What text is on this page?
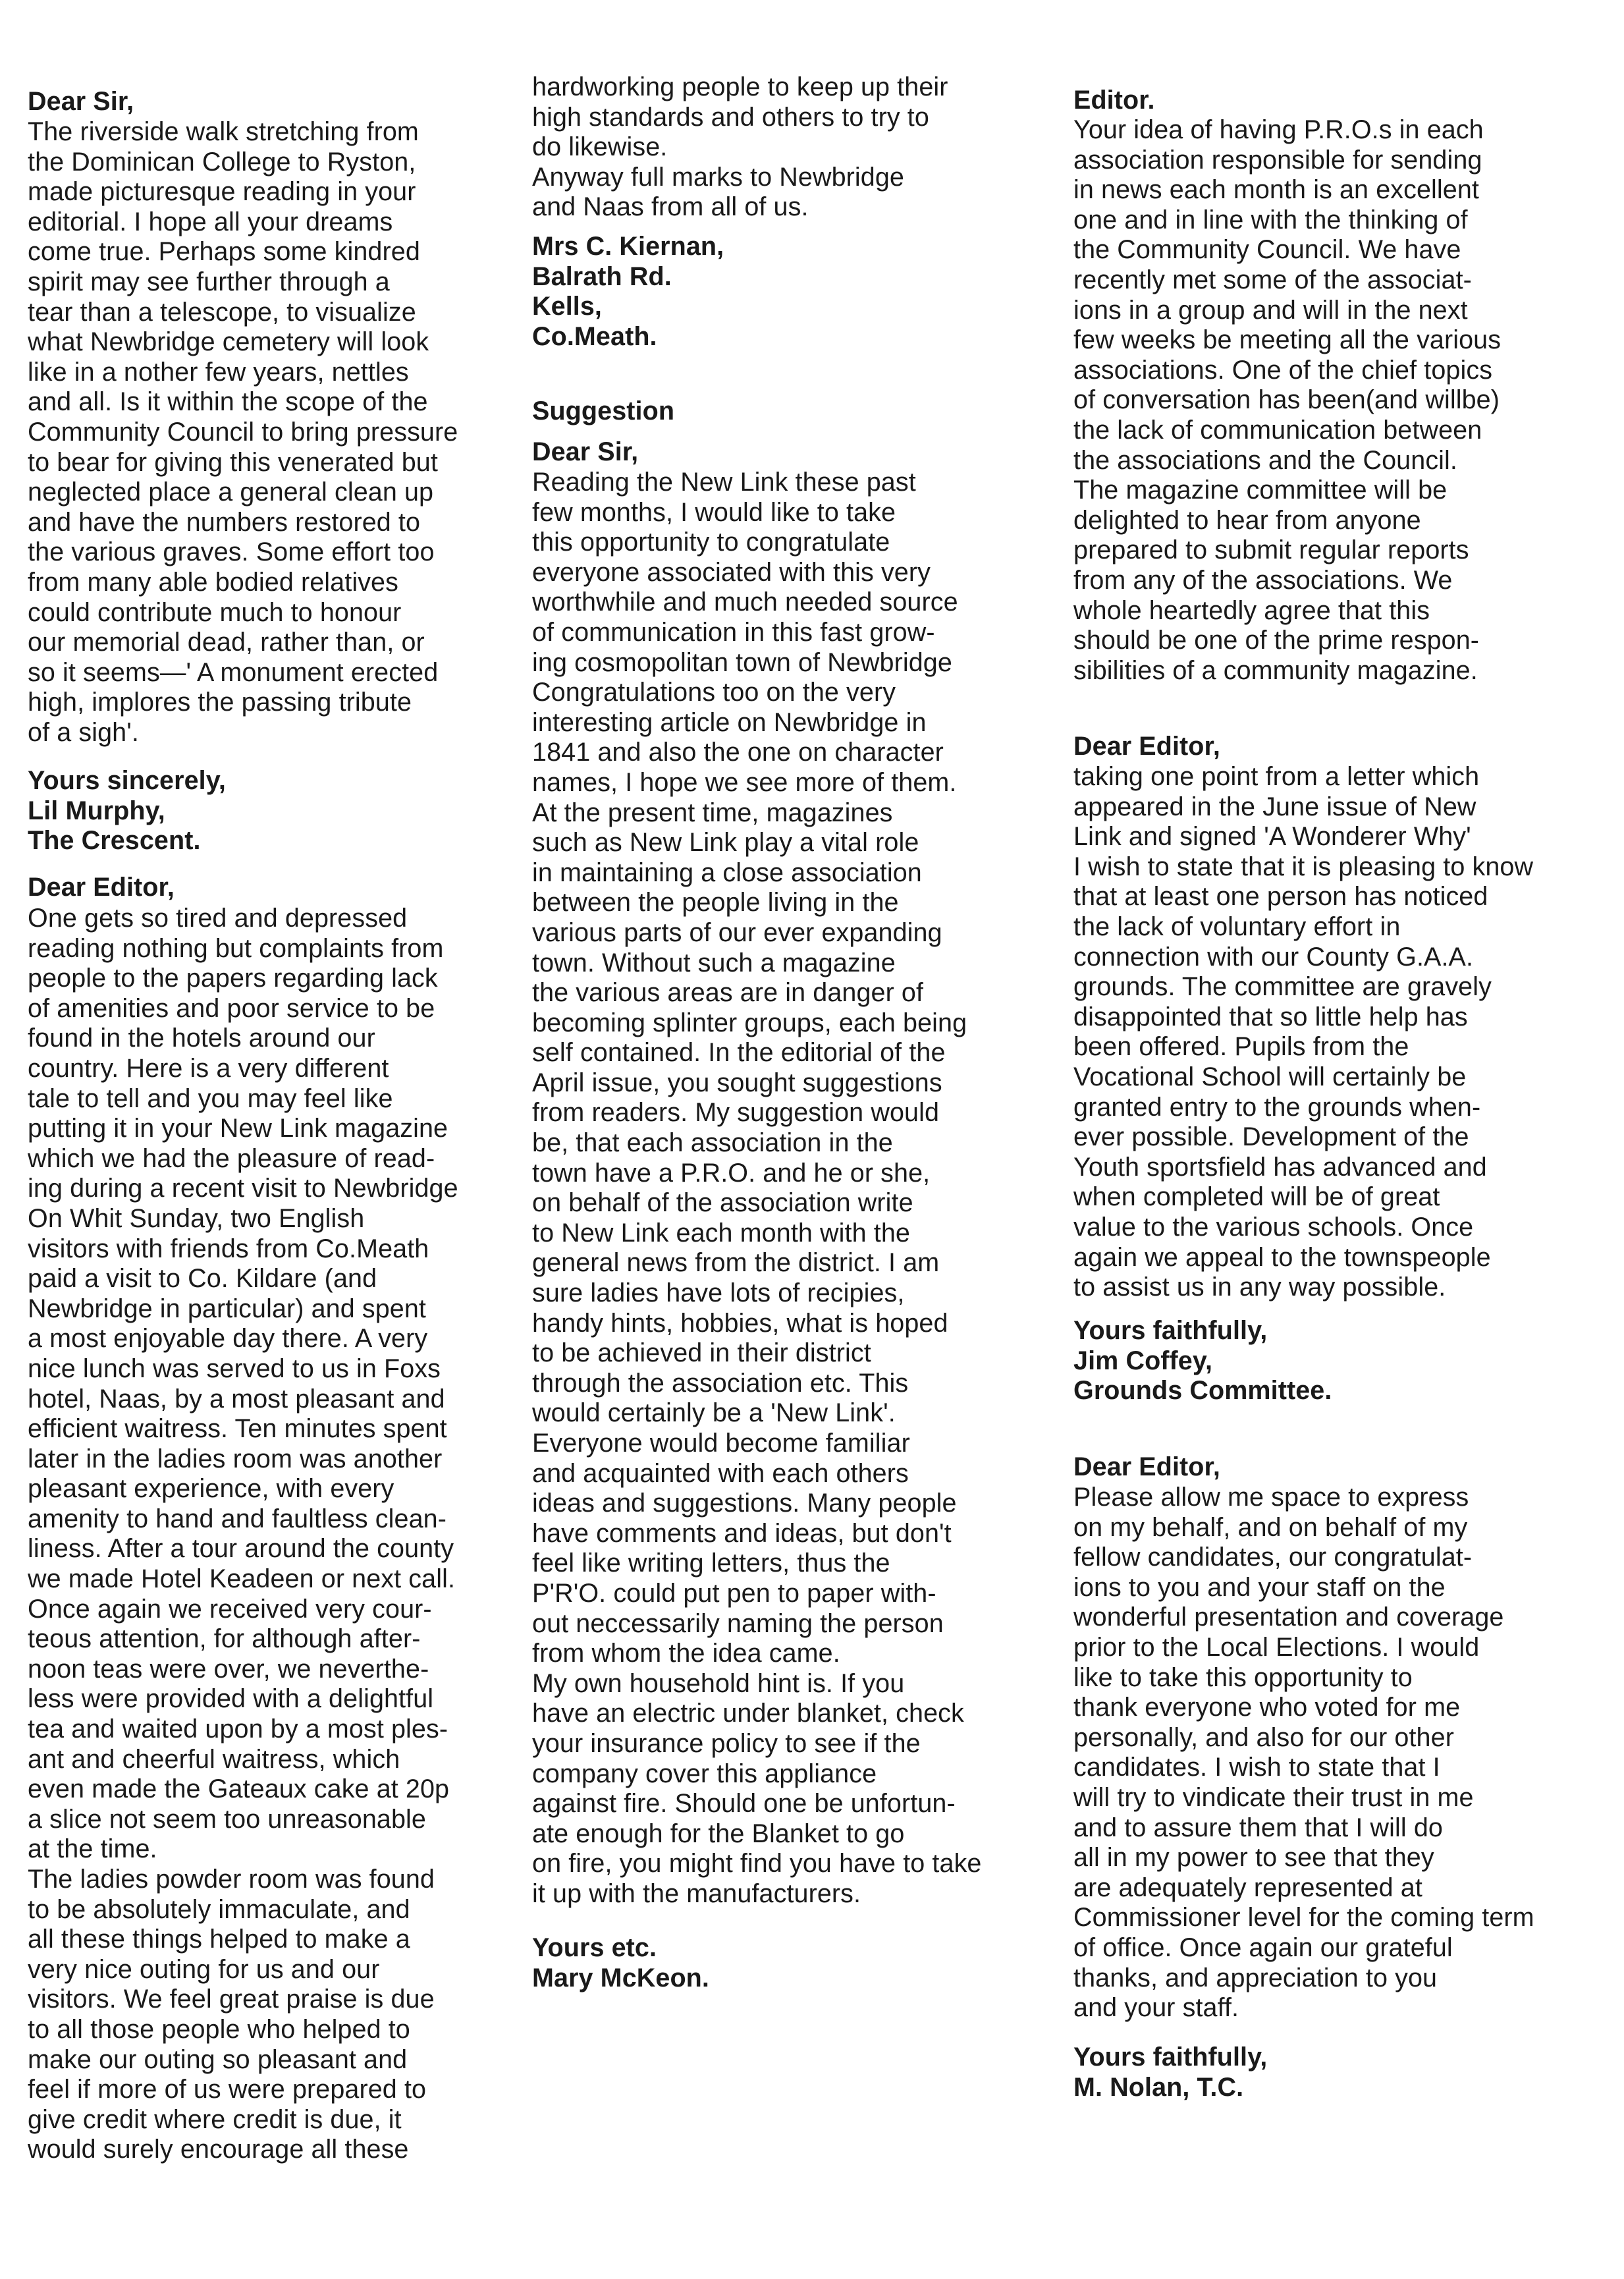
Dear Sir,
The riverside walk stretching from
the Dominican College to Ryston,
made picturesque reading in your
editorial. I hope all your dreams
come true. Perhaps some kindred
spirit may see further through a
tear than a telescope, to visualize
what Newbridge cemetery will look
like in a nother few years, nettles
and all. Is it within the scope of the
Community Council to bring pressure
to bear for giving this venerated but
neglected place a general clean up
and have the numbers restored to
the various graves. Some effort too
from many able bodied relatives
could contribute much to honour
our memorial dead, rather than, or
so it seems—' A monument erected
high, implores the passing tribute
of a sigh'.
Yours sincerely,
Lil Murphy,
The Crescent.
Dear Editor,
One gets so tired and depressed
reading nothing but complaints from
people to the papers regarding lack
of amenities and poor service to be
found in the hotels around our
country. Here is a very different
tale to tell and you may feel like
putting it in your New Link magazine
which we had the pleasure of read-
ing during a recent visit to Newbridge
On Whit Sunday, two English
visitors with friends from Co.Meath
paid a visit to Co. Kildare (and
Newbridge in particular) and spent
a most enjoyable day there. A very
nice lunch was served to us in Foxs
hotel, Naas, by a most pleasant and
efficient waitress. Ten minutes spent
later in the ladies room was another
pleasant experience, with every
amenity to hand and faultless clean-
liness. After a tour around the county
we made Hotel Keadeen or next call.
Once again we received very cour-
teous attention, for although after-
noon teas were over, we neverthe-
less were provided with a delightful
tea and waited upon by a most ples-
ant and cheerful waitress, which
even made the Gateaux cake at 20p
a slice not seem too unreasonable
at the time.
The ladies powder room was found
to be absolutely immaculate, and
all these things helped to make a
very nice outing for us and our
visitors. We feel great praise is due
to all those people who helped to
make our outing so pleasant and
feel if more of us were prepared to
give credit where credit is due, it
would surely encourage all these
hardworking people to keep up their
high standards and others to try to
do likewise.
Anyway full marks to Newbridge
and Naas from all of us.
Mrs C. Kiernan,
Balrath Rd.
Kells,
Co.Meath.
Suggestion
Dear Sir,
Reading the New Link these past
few months, I would like to take
this opportunity to congratulate
everyone associated with this very
worthwhile and much needed source
of communication in this fast grow-
ing cosmopolitan town of Newbridge
Congratulations too on the very
interesting article on Newbridge in
1841 and also the one on character
names, I hope we see more of them.
At the present time, magazines
such as New Link play a vital role
in maintaining a close association
between the people living in the
various parts of our ever expanding
town. Without such a magazine
the various areas are in danger of
becoming splinter groups, each being
self contained. In the editorial of the
April issue, you sought suggestions
from readers. My suggestion would
be, that each association in the
town have a P.R.O. and he or she,
on behalf of the association write
to New Link each month with the
general news from the district. I am
sure ladies have lots of recipies,
handy hints, hobbies, what is hoped
to be achieved in their district
through the association etc. This
would certainly be a 'New Link'.
Everyone would become familiar
and acquainted with each others
ideas and suggestions. Many people
have comments and ideas, but don't
feel like writing letters, thus the
P'R'O. could put pen to paper with-
out neccessarily naming the person
from whom the idea came.
My own household hint is. If you
have an electric under blanket, check
your insurance policy to see if the
company cover this appliance
against fire. Should one be unfortun-
ate enough for the Blanket to go
on fire, you might find you have to take
it up with the manufacturers.
Yours etc.
Mary McKeon.
Editor.
Your idea of having P.R.O.s in each
association responsible for sending
in news each month is an excellent
one and in line with the thinking of
the Community Council. We have
recently met some of the associat-
ions in a group and will in the next
few weeks be meeting all the various
associations. One of the chief topics
of conversation has been(and willbe)
the lack of communication between
the associations and the Council.
The magazine committee will be
delighted to hear from anyone
prepared to submit regular reports
from any of the associations. We
whole heartedly agree that this
should be one of the prime respon-
sibilities of a community magazine.
Dear Editor,
taking one point from a letter which
appeared in the June issue of New
Link and signed 'A Wonderer Why'
I wish to state that it is pleasing to know
that at least one person has noticed
the lack of voluntary effort in
connection with our County G.A.A.
grounds. The committee are gravely
disappointed that so little help has
been offered. Pupils from the
Vocational School will certainly be
granted entry to the grounds when-
ever possible. Development of the
Youth sportsfield has advanced and
when completed will be of great
value to the various schools. Once
again we appeal to the townspeople
to assist us in any way possible.
Yours faithfully,
Jim Coffey,
Grounds Committee.
Dear Editor,
Please allow me space to express
on my behalf, and on behalf of my
fellow candidates, our congratulat-
ions to you and your staff on the
wonderful presentation and coverage
prior to the Local Elections. I would
like to take this opportunity to
thank everyone who voted for me
personally, and also for our other
candidates. I wish to state that I
will try to vindicate their trust in me
and to assure them that I will do
all in my power to see that they
are adequately represented at
Commissioner level for the coming term
of office. Once again our grateful
thanks, and appreciation to you
and your staff.
Yours faithfully,
M. Nolan, T.C.
